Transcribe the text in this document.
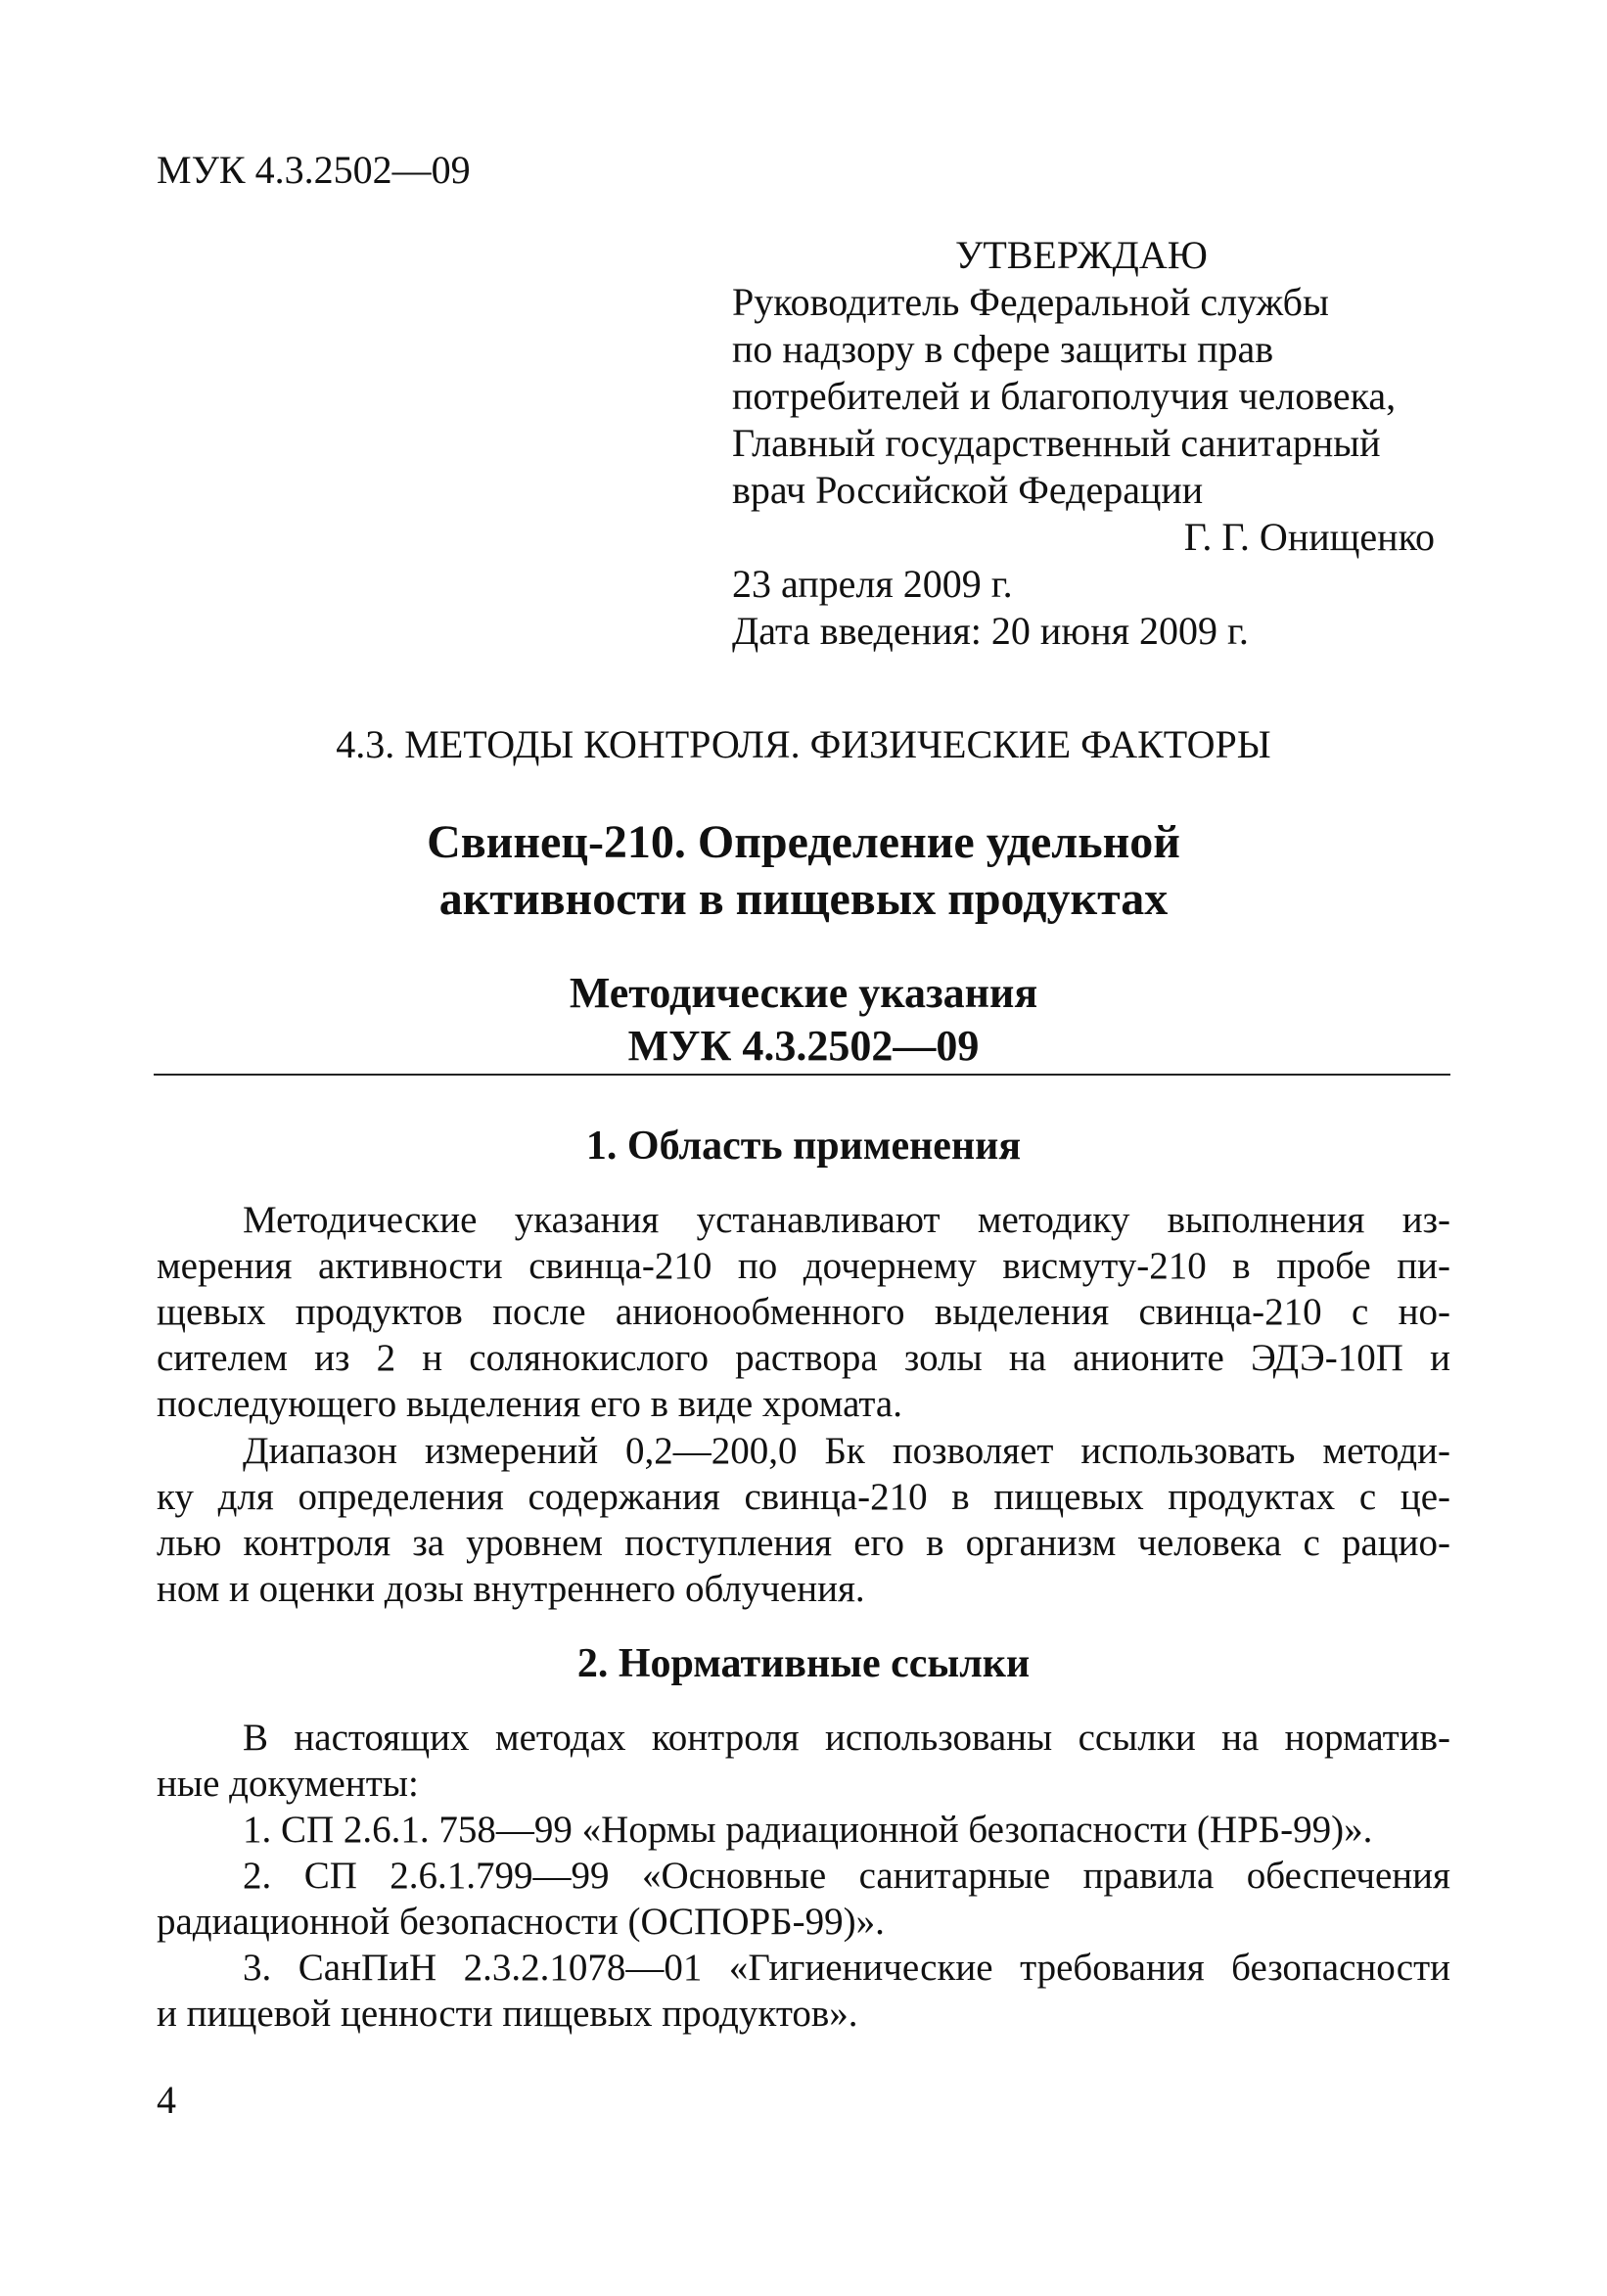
МУК 4.3.2502—09
УТВЕРЖДАЮ
Руководитель Федеральной службы
по надзору в сфере защиты прав
потребителей и благополучия человека,
Главный государственный санитарный
врач Российской Федерации
Г. Г. Онищенко
23 апреля 2009 г.
Дата введения: 20 июня 2009 г.
4.3. МЕТОДЫ КОНТРОЛЯ. ФИЗИЧЕСКИЕ ФАКТОРЫ
Свинец-210. Определение удельной
активности в пищевых продуктах
Методические указания
МУК 4.3.2502—09
1. Область применения
Методические указания устанавливают методику выполнения из-
мерения активности свинца-210 по дочернему висмуту-210 в пробе пи-
щевых продуктов после анионообменного выделения свинца-210 с но-
сителем из 2 н солянокислого раствора золы на анионите ЭДЭ-10П и
последующего выделения его в виде хромата.
Диапазон измерений 0,2—200,0 Бк позволяет использовать методи-
ку для определения содержания свинца-210 в пищевых продуктах с це-
лью контроля за уровнем поступления его в организм человека с рацио-
ном и оценки дозы внутреннего облучения.
2. Нормативные ссылки
В настоящих методах контроля использованы ссылки на норматив-
ные документы:
1. СП 2.6.1. 758—99 «Нормы радиационной безопасности (НРБ-99)».
2. СП 2.6.1.799—99 «Основные санитарные правила обеспечения
радиационной безопасности (ОСПОРБ-99)».
3. СанПиН 2.3.2.1078—01 «Гигиенические требования безопасности
и пищевой ценности пищевых продуктов».
4
